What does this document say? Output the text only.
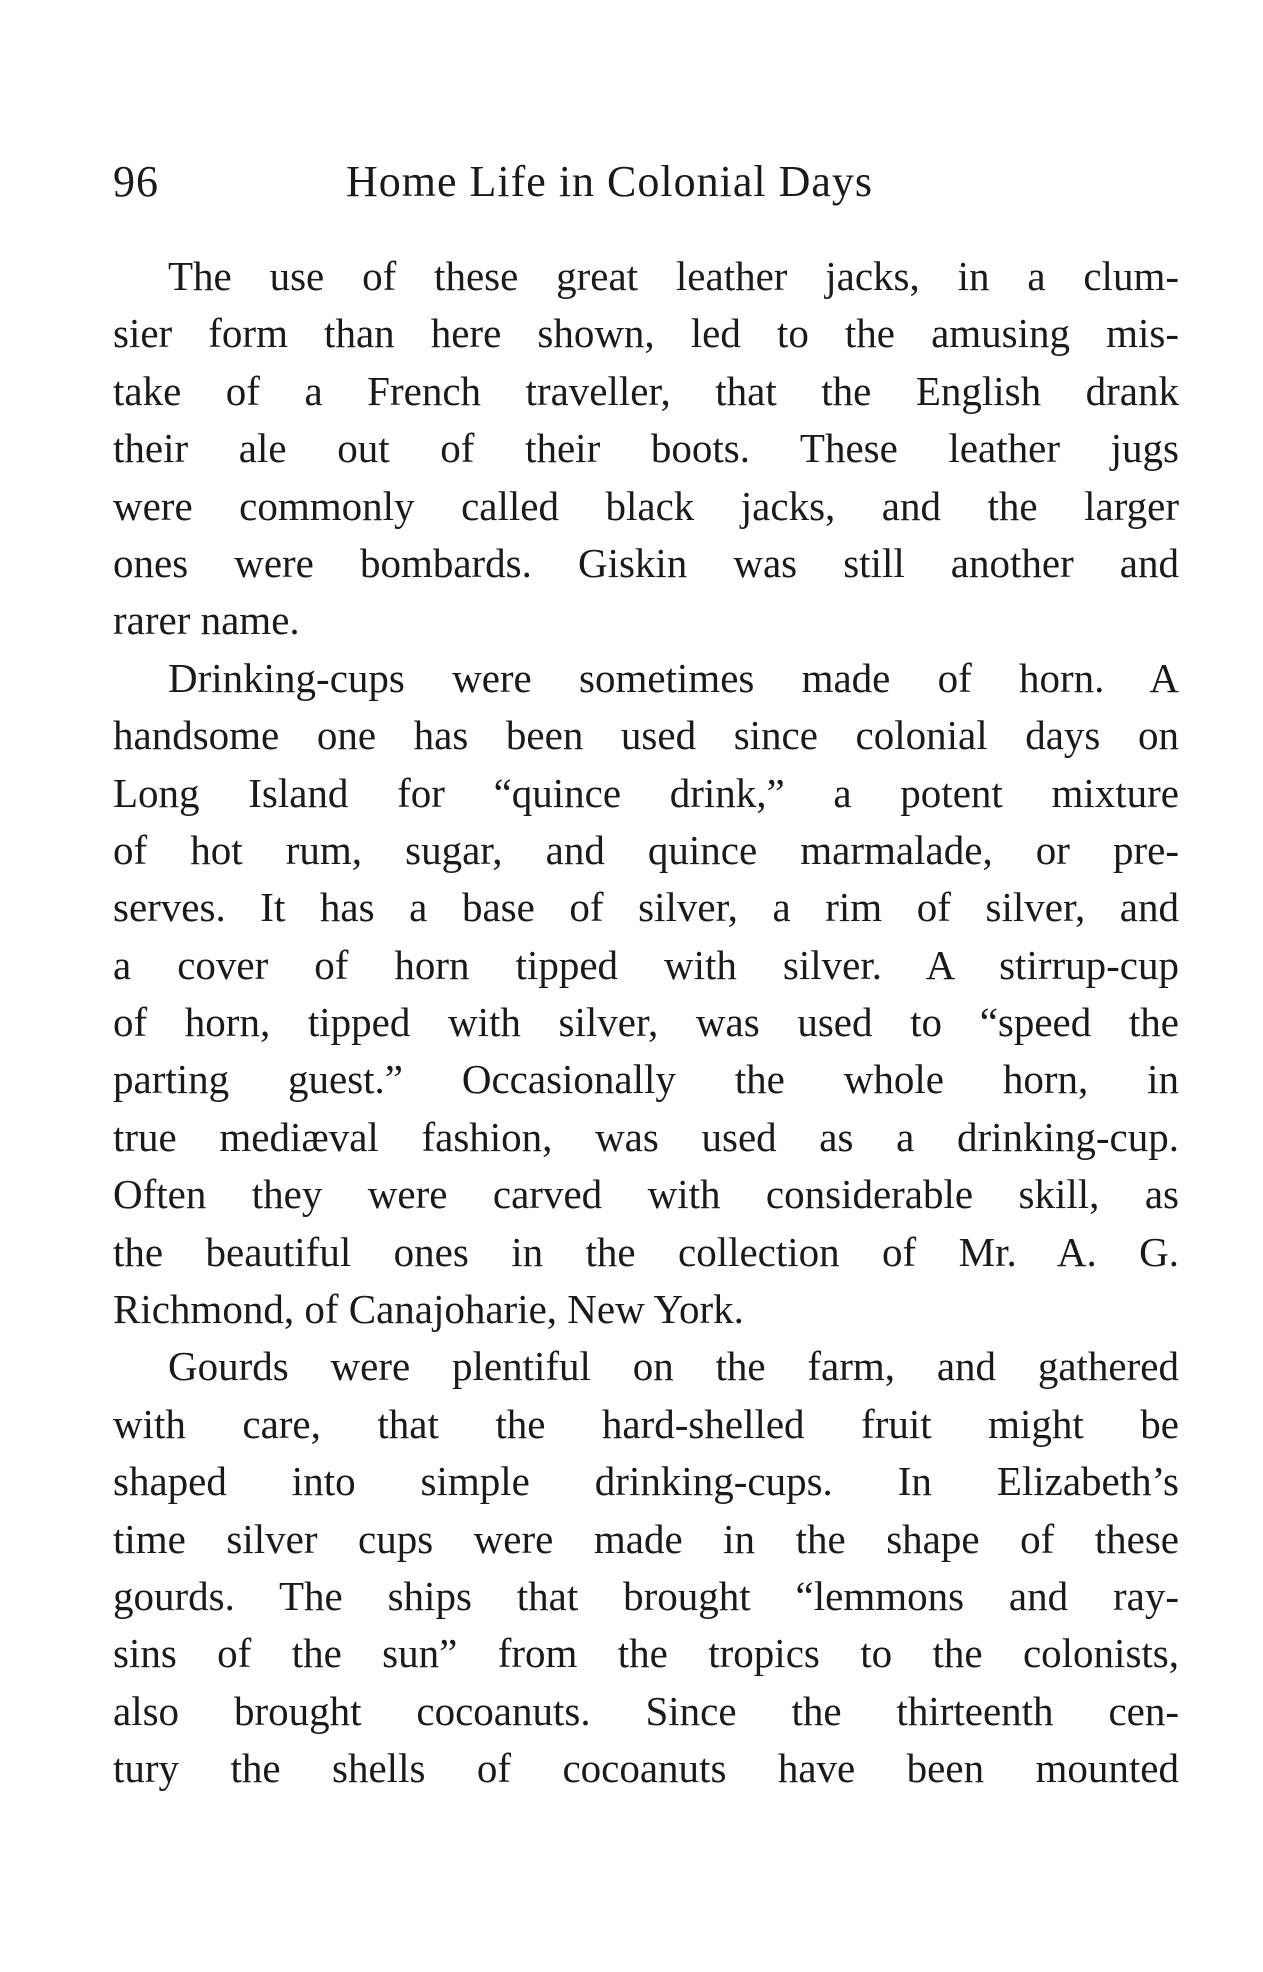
96	Home Life in Colonial Days
The use of these great leather jacks, in a clum-
sier form than here shown, led to the amusing mis-
take of a French traveller, that the English drank
their ale out of their boots. These leather jugs
were commonly called black jacks, and the larger
ones were bombards. Giskin was still another and
rarer name.
Drinking-cups were sometimes made of horn. A
handsome one has been used since colonial days on
Long Island for “quince drink,” a potent mixture
of hot rum, sugar, and quince marmalade, or pre-
serves. It has a base of silver, a rim of silver, and
a cover of horn tipped with silver. A stirrup-cup
of horn, tipped with silver, was used to “speed the
parting guest.” Occasionally the whole horn, in
true mediæval fashion, was used as a drinking-cup.
Often they were carved with considerable skill, as
the beautiful ones in the collection of Mr. A. G.
Richmond, of Canajoharie, New York.
Gourds were plentiful on the farm, and gathered
with care, that the hard-shelled fruit might be
shaped into simple drinking-cups. In Elizabeth’s
time silver cups were made in the shape of these
gourds. The ships that brought “lemmons and ray-
sins of the sun” from the tropics to the colonists,
also brought cocoanuts. Since the thirteenth cen-
tury the shells of cocoanuts have been mounted
